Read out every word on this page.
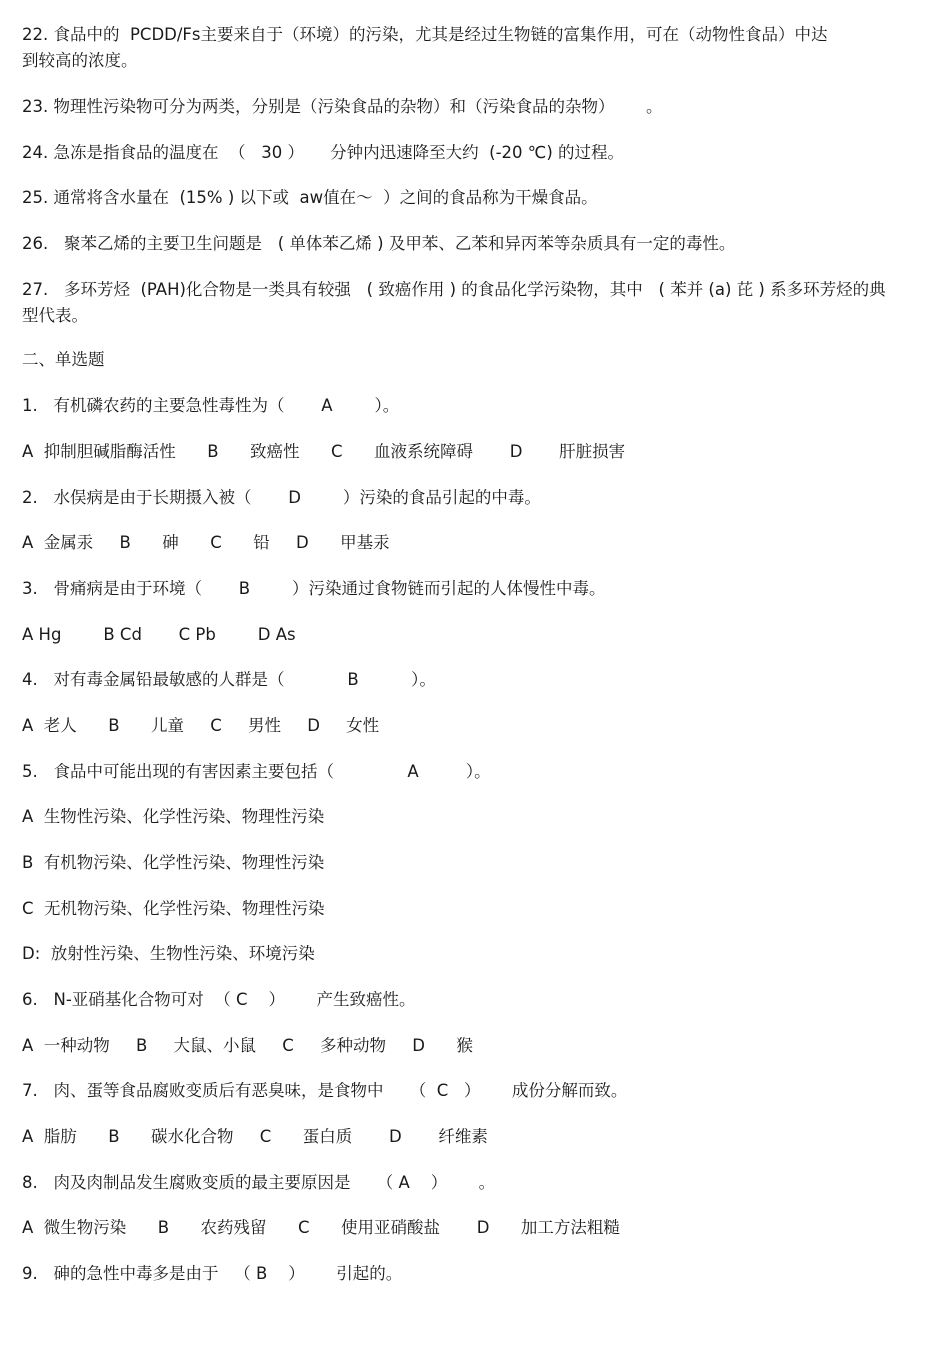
22. 食品中的  PCDD/Fs主要来自于（环境）的污染，尤其是经过生物链的富集作用，可在（动物性食品）中达
到较高的浓度。
23. 物理性污染物可分为两类，分别是（污染食品的杂物）和（污染食品的杂物）      。
24. 急冻是指食品的温度在  （   30 ）     分钟内迅速降至大约  (-20 ℃) 的过程。
25. 通常将含水量在  (15% ) 以下或  aw值在～  ）之间的食品称为干燥食品。
26.   聚苯乙烯的主要卫生问题是   ( 单体苯乙烯 ) 及甲苯、乙苯和异丙苯等杂质具有一定的毒性。
27.   多环芳烃  (PAH)化合物是一类具有较强   ( 致癌作用 ) 的食品化学污染物，其中   ( 苯并 (a) 芘 ) 系多环芳烃的典
型代表。
二、单选题
1.   有机磷农药的主要急性毒性为（       A        ）。
A  抑制胆碱脂酶活性      B      致癌性      C      血液系统障碍       D       肝脏损害
2.   水俣病是由于长期摄入被（       D        ）污染的食品引起的中毒。
A  金属汞     B      砷      C      铅     D      甲基汞
3.   骨痛病是由于环境（       B        ）污染通过食物链而引起的人体慢性中毒。
A Hg        B Cd       C Pb        D As
4.   对有毒金属铅最敏感的人群是（            B          ）。
A  老人      B      儿童     C     男性     D     女性
5.   食品中可能出现的有害因素主要包括（              A         ）。
A  生物性污染、化学性污染、物理性污染
B  有机物污染、化学性污染、物理性污染
C  无机物污染、化学性污染、物理性污染
D:  放射性污染、生物性污染、环境污染
6.   N-亚硝基化合物可对  （ C    ）      产生致癌性。
A  一种动物     B     大鼠、小鼠     C     多种动物     D      猴
7.   肉、蛋等食品腐败变质后有恶臭味，是食物中     （  C   ）      成份分解而致。
A  脂肪      B      碳水化合物     C      蛋白质       D       纤维素
8.   肉及肉制品发生腐败变质的最主要原因是     （ A    ）      。
A  微生物污染      B      农药残留      C      使用亚硝酸盐       D      加工方法粗糙
9.   砷的急性中毒多是由于   （ B    ）      引起的。
